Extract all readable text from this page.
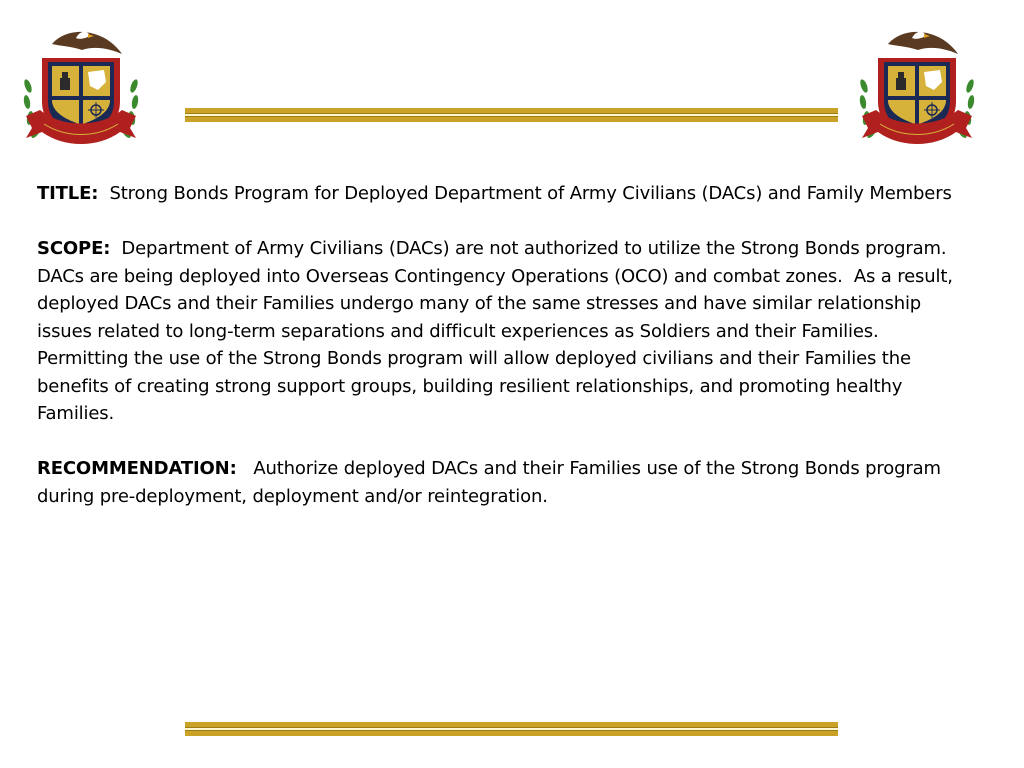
TITLE: Strong Bonds Program for Deployed Department of Army Civilians (DACs) and Family Members

SCOPE: Department of Army Civilians (DACs) are not authorized to utilize the Strong Bonds program.  DACs are being deployed into Overseas Contingency Operations (OCO) and combat zones.  As a result, deployed DACs and their Families undergo many of the same stresses and have similar relationship issues related to long-term separations and difficult experiences as Soldiers and their Families.  Permitting the use of the Strong Bonds program will allow deployed civilians and their Families the benefits of creating strong support groups, building resilient relationships, and promoting healthy Families.

RECOMMENDATION: Authorize deployed DACs and their Families use of the Strong Bonds program during pre-deployment, deployment and/or reintegration.
